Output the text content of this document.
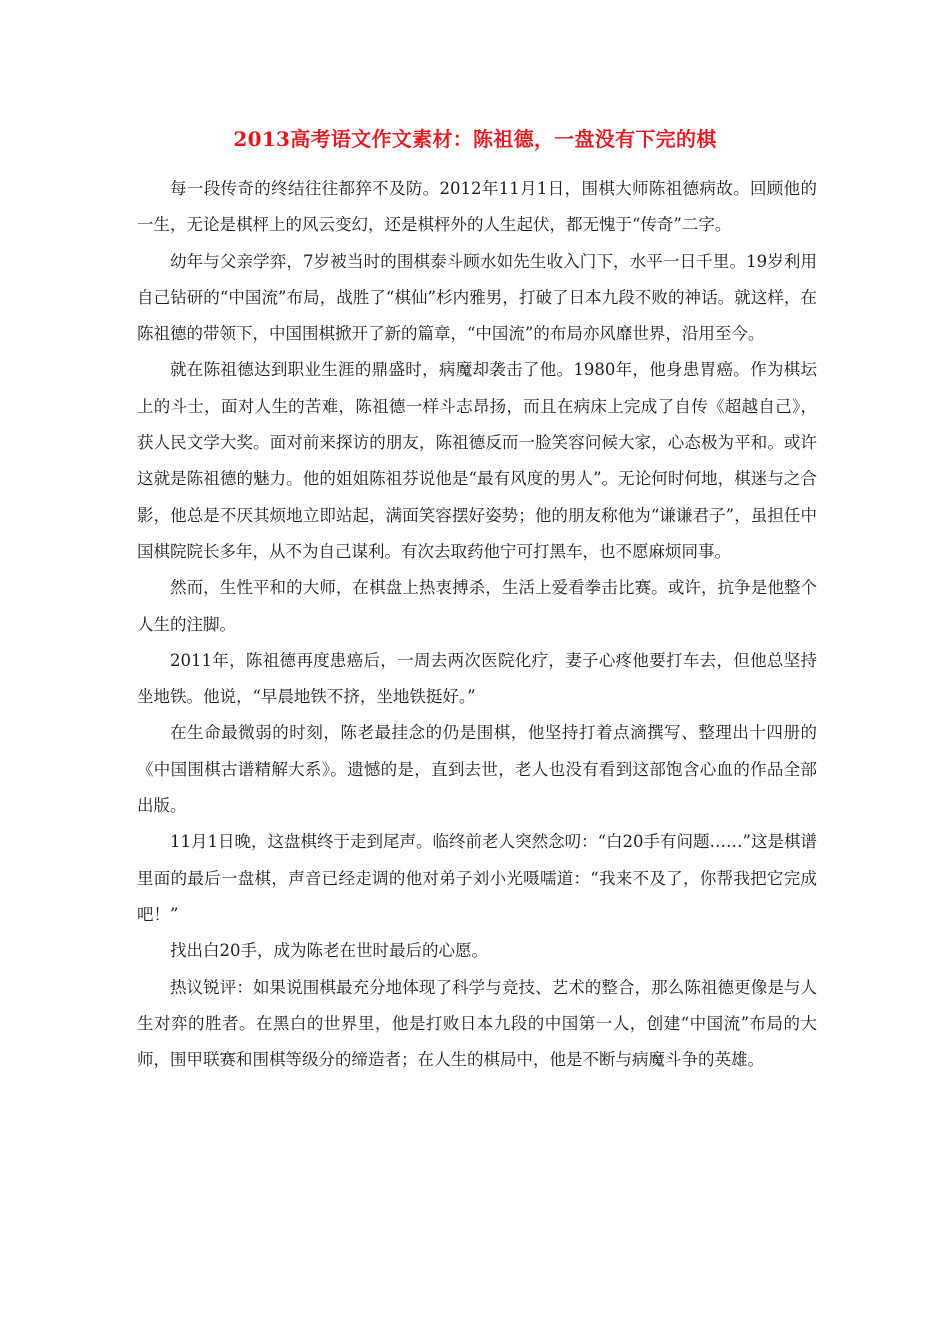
2013高考语文作文素材：陈祖德，一盘没有下完的棋

每一段传奇的终结往往都猝不及防。2012年11月1日，围棋大师陈祖德病故。回顾他的一生，无论是棋枰上的风云变幻，还是棋枰外的人生起伏，都无愧于“传奇”二字。

幼年与父亲学弈，7岁被当时的围棋泰斗顾水如先生收入门下，水平一日千里。19岁利用自己钻研的“中国流”布局，战胜了“棋仙”杉内雅男，打破了日本九段不败的神话。就这样，在陈祖德的带领下，中国围棋掀开了新的篇章，“中国流”的布局亦风靡世界，沿用至今。

就在陈祖德达到职业生涯的鼎盛时，病魔却袭击了他。1980年，他身患胃癌。作为棋坛上的斗士，面对人生的苦难，陈祖德一样斗志昂扬，而且在病床上完成了自传《超越自己》，获人民文学大奖。面对前来探访的朋友，陈祖德反而一脸笑容问候大家，心态极为平和。或许这就是陈祖德的魅力。他的姐姐陈祖芬说他是“最有风度的男人”。无论何时何地，棋迷与之合影，他总是不厌其烦地立即站起，满面笑容摆好姿势；他的朋友称他为“谦谦君子”，虽担任中国棋院院长多年，从不为自己谋利。有次去取药他宁可打黑车，也不愿麻烦同事。

然而，生性平和的大师，在棋盘上热衷搏杀，生活上爱看拳击比赛。或许，抗争是他整个人生的注脚。

2011年，陈祖德再度患癌后，一周去两次医院化疗，妻子心疼他要打车去，但他总坚持坐地铁。他说，“早晨地铁不挤，坐地铁挺好。”

在生命最微弱的时刻，陈老最挂念的仍是围棋，他坚持打着点滴撰写、整理出十四册的《中国围棋古谱精解大系》。遗憾的是，直到去世，老人也没有看到这部饱含心血的作品全部出版。

11月1日晚，这盘棋终于走到尾声。临终前老人突然念叨：“白20手有问题……”这是棋谱里面的最后一盘棋，声音已经走调的他对弟子刘小光嗫嚅道：“我来不及了，你帮我把它完成吧！”

找出白20手，成为陈老在世时最后的心愿。

热议锐评：如果说围棋最充分地体现了科学与竞技、艺术的整合，那么陈祖德更像是与人生对弈的胜者。在黑白的世界里，他是打败日本九段的中国第一人，创建“中国流”布局的大师，围甲联赛和围棋等级分的缔造者；在人生的棋局中，他是不断与病魔斗争的英雄。
